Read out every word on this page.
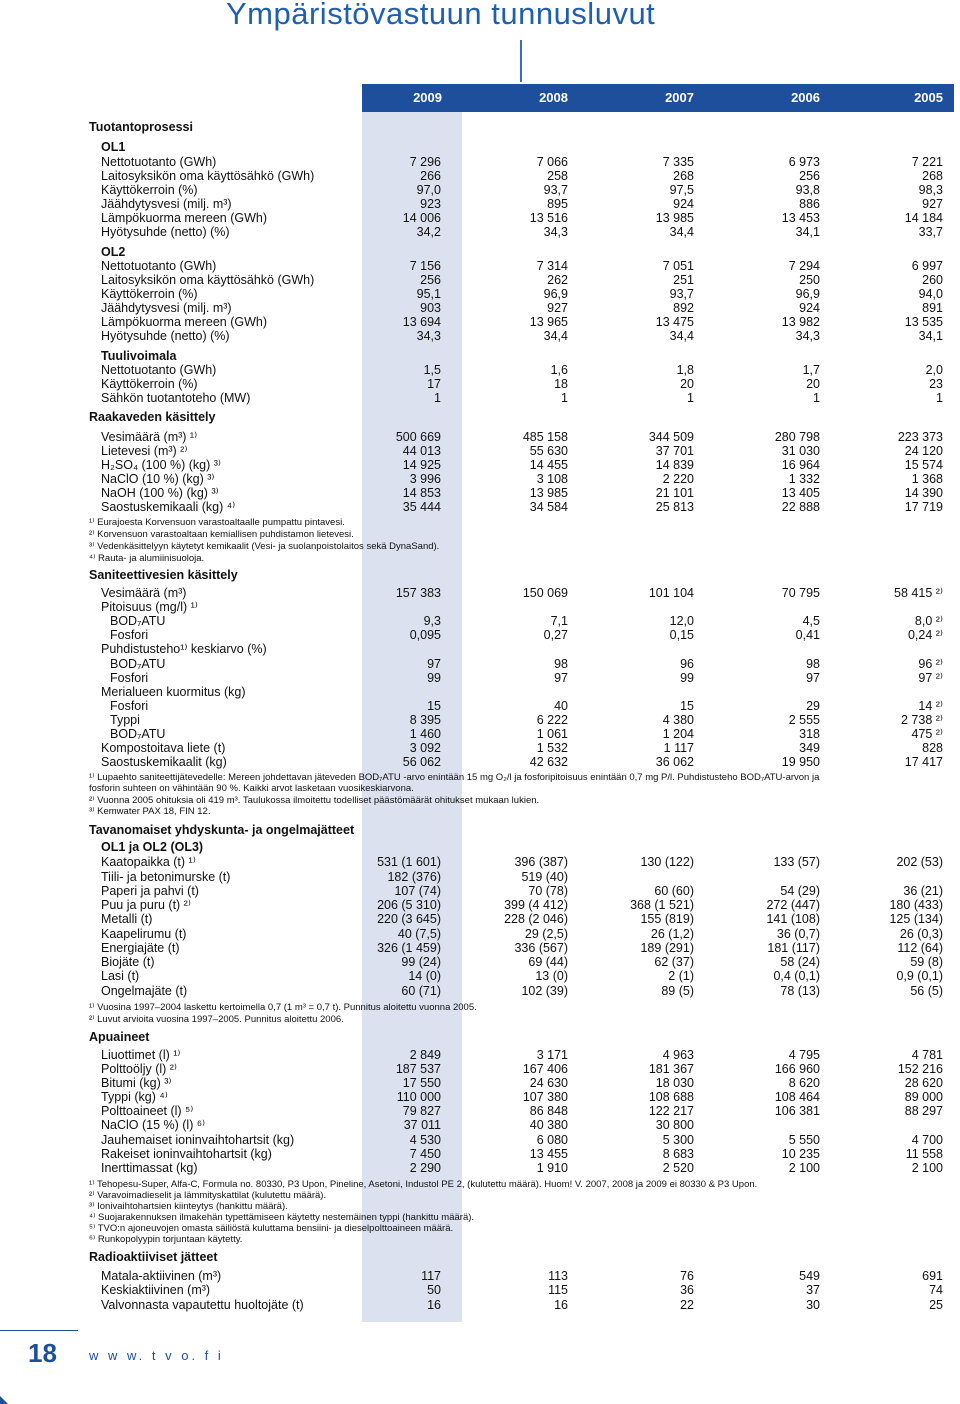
Ympäristövastuun tunnusluvut
2009	2008	2007	2006	2005
Tuotantoprosessi
OL1
Nettotuotanto (GWh)	7 296	7 066	7 335	6 973	7 221
Laitosyksikön oma käyttösähkö (GWh)	266	258	268	256	268
Käyttökerroin (%)	97,0	93,7	97,5	93,8	98,3
Jäähdytysvesi (milj. m³)	923	895	924	886	927
Lämpökuorma mereen (GWh)	14 006	13 516	13 985	13 453	14 184
Hyötysuhde (netto) (%)	34,2	34,3	34,4	34,1	33,7
OL2
Nettotuotanto (GWh)	7 156	7 314	7 051	7 294	6 997
Laitosyksikön oma käyttösähkö (GWh)	256	262	251	250	260
Käyttökerroin (%)	95,1	96,9	93,7	96,9	94,0
Jäähdytysvesi (milj. m³)	903	927	892	924	891
Lämpökuorma mereen (GWh)	13 694	13 965	13 475	13 982	13 535
Hyötysuhde (netto) (%)	34,3	34,4	34,4	34,3	34,1
Tuulivoimala
Nettotuotanto (GWh)	1,5	1,6	1,8	1,7	2,0
Käyttökerroin (%)	17	18	20	20	23
Sähkön tuotantoteho (MW)	1	1	1	1	1
Raakaveden käsittely
Vesimäärä (m³) ¹⁾	500 669	485 158	344 509	280 798	223 373
Lietevesi (m³) ²⁾	44 013	55 630	37 701	31 030	24 120
H₂SO₄ (100 %) (kg) ³⁾	14 925	14 455	14 839	16 964	15 574
NaClO (10 %) (kg) ³⁾	3 996	3 108	2 220	1 332	1 368
NaOH (100 %) (kg) ³⁾	14 853	13 985	21 101	13 405	14 390
Saostuskemikaali (kg) ⁴⁾	35 444	34 584	25 813	22 888	17 719
¹⁾ Eurajoesta Korvensuon varastoaltaalle pumpattu pintavesi.
²⁾ Korvensuon varastoaltaan kemiallisen puhdistamon lietevesi.
³⁾ Vedenkäsittelyyn käytetyt kemikaalit (Vesi- ja suolanpoistolaitos sekä DynaSand).
⁴⁾ Rauta- ja alumiinisuoloja.
Saniteettivesien käsittely
Vesimäärä (m³)	157 383	150 069	101 104	70 795	58 415 ²⁾
Pitoisuus (mg/l) ¹⁾
BOD₇ATU	9,3	7,1	12,0	4,5	8,0 ²⁾
Fosfori	0,095	0,27	0,15	0,41	0,24 ²⁾
Puhdistusteho¹⁾ keskiarvo (%)
BOD₇ATU	97	98	96	98	96 ²⁾
Fosfori	99	97	99	97	97 ²⁾
Merialueen kuormitus (kg)
Fosfori	15	40	15	29	14 ²⁾
Typpi	8 395	6 222	4 380	2 555	2 738 ²⁾
BOD₇ATU	1 460	1 061	1 204	318	475 ²⁾
Kompostoitava liete (t)	3 092	1 532	1 117	349	828
Saostuskemikaalit (kg)	56 062	42 632	36 062	19 950	17 417
¹⁾ Lupaehto saniteettijätevedelle: Mereen johdettavan jäteveden BOD₇ATU -arvo enintään 15 mg O₂/l ja fosforipitoisuus enintään 0,7 mg P/l. Puhdistusteho BOD₇ATU-arvon ja
fosforin suhteen on vähintään 90 %. Kaikki arvot lasketaan vuosikeskiarvona.
²⁾ Vuonna 2005 ohituksia oli 419 m³. Taulukossa ilmoitettu todelliset päästömäärät ohitukset mukaan lukien.
³⁾ Kemwater PAX 18, FIN 12.
Tavanomaiset yhdyskunta- ja ongelmajätteet
OL1 ja OL2 (OL3)
Kaatopaikka (t) ¹⁾	531 (1 601)	396 (387)	130 (122)	133 (57)	202 (53)
Tiili- ja betonimurske (t)	182 (376)	519 (40)
Paperi ja pahvi (t)	107 (74)	70 (78)	60 (60)	54 (29)	36 (21)
Puu ja puru (t) ²⁾	206 (5 310)	399 (4 412)	368 (1 521)	272 (447)	180 (433)
Metalli (t)	220 (3 645)	228 (2 046)	155 (819)	141 (108)	125 (134)
Kaapelirumu (t)	40 (7,5)	29 (2,5)	26 (1,2)	36 (0,7)	26 (0,3)
Energiajäte (t)	326 (1 459)	336 (567)	189 (291)	181 (117)	112 (64)
Biojäte (t)	99 (24)	69 (44)	62 (37)	58 (24)	59 (8)
Lasi (t)	14 (0)	13 (0)	2 (1)	0,4 (0,1)	0,9 (0,1)
Ongelmajäte (t)	60 (71)	102 (39)	89 (5)	78 (13)	56 (5)
¹⁾ Vuosina 1997–2004 laskettu kertoimella 0,7 (1 m³ = 0,7 t). Punnitus aloitettu vuonna 2005.
²⁾ Luvut arvioita vuosina 1997–2005. Punnitus aloitettu 2006.
Apuaineet
Liuottimet (l) ¹⁾	2 849	3 171	4 963	4 795	4 781
Polttoöljy (l) ²⁾	187 537	167 406	181 367	166 960	152 216
Bitumi (kg) ³⁾	17 550	24 630	18 030	8 620	28 620
Typpi (kg) ⁴⁾	110 000	107 380	108 688	108 464	89 000
Polttoaineet (l) ⁵⁾	79 827	86 848	122 217	106 381	88 297
NaClO (15 %) (l) ⁶⁾	37 011	40 380	30 800
Jauhemaiset ioninvaihtohartsit (kg)	4 530	6 080	5 300	5 550	4 700
Rakeiset ioninvaihtohartsit (kg)	7 450	13 455	8 683	10 235	11 558
Inerttimassat (kg)	2 290	1 910	2 520	2 100	2 100
¹⁾ Tehopesu-Super, Alfa-C, Formula no. 80330, P3 Upon, Pineline, Asetoni, Industol PE 2, (kulutettu määrä). Huom! V. 2007, 2008 ja 2009 ei 80330 & P3 Upon.
²⁾ Varavoimadieselit ja lämmityskattilat (kulutettu määrä).
³⁾ Ionivaihtohartsien kiinteytys (hankittu määrä).
⁴⁾ Suojarakennuksen ilmakehän typettämiseen käytetty nestemäinen typpi (hankittu määrä).
⁵⁾ TVO:n ajoneuvojen omasta säiliöstä kuluttama bensiini- ja dieselpolttoaineen määrä.
⁶⁾ Runkopolyypin torjuntaan käytetty.
Radioaktiiviset jätteet
Matala-aktiivinen (m³)	117	113	76	549	691
Keskiaktiivinen (m³)	50	115	36	37	74
Valvonnasta vapautettu huoltojäte (t)	16	16	22	30	25
18 w w w. t v o. f i
